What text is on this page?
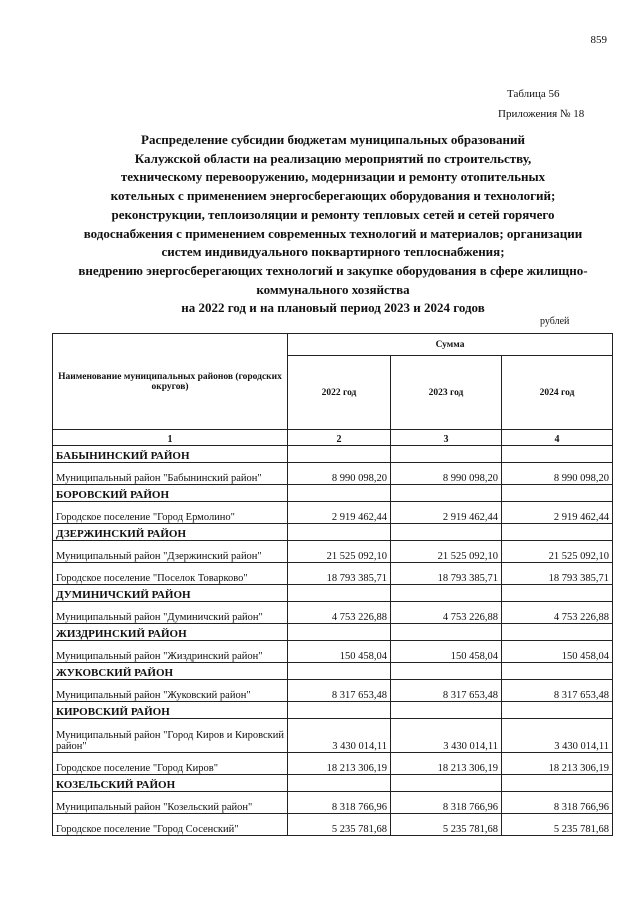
859
Таблица 56
Приложения № 18
Распределение субсидии бюджетам муниципальных образований
Калужской области на реализацию мероприятий по строительству,
техническому перевооружению, модернизации и ремонту отопительных
котельных с применением энергосберегающих оборудования и технологий;
реконструкции, теплоизоляции и ремонту тепловых сетей и сетей горячего
водоснабжения с применением современных технологий и материалов; организации
систем индивидуального поквартирного теплоснабжения;
внедрению энергосберегающих технологий и закупке оборудования в сфере жилищно-
коммунального хозяйства
на 2022 год и на плановый период 2023 и 2024 годов
рублей
Наименование муниципальных районов (городских округов)	Сумма		
	2022 год	2023 год	2024 год
1	2	3	4
БАБЫНИНСКИЙ РАЙОН			
Муниципальный район "Бабынинский район"	8 990 098,20	8 990 098,20	8 990 098,20
БОРОВСКИЙ РАЙОН			
Городское поселение "Город Ермолино"	2 919 462,44	2 919 462,44	2 919 462,44
ДЗЕРЖИНСКИЙ РАЙОН			
Муниципальный район "Дзержинский район"	21 525 092,10	21 525 092,10	21 525 092,10
Городское поселение "Поселок Товарково"	18 793 385,71	18 793 385,71	18 793 385,71
ДУМИНИЧСКИЙ РАЙОН			
Муниципальный район "Думиничский район"	4 753 226,88	4 753 226,88	4 753 226,88
ЖИЗДРИНСКИЙ РАЙОН			
Муниципальный район "Жиздринский район"	150 458,04	150 458,04	150 458,04
ЖУКОВСКИЙ РАЙОН			
Муниципальный район "Жуковский район"	8 317 653,48	8 317 653,48	8 317 653,48
КИРОВСКИЙ РАЙОН			
Муниципальный район "Город Киров и Кировский район"	3 430 014,11	3 430 014,11	3 430 014,11
Городское поселение "Город Киров"	18 213 306,19	18 213 306,19	18 213 306,19
КОЗЕЛЬСКИЙ РАЙОН			
Муниципальный район "Козельский район"	8 318 766,96	8 318 766,96	8 318 766,96
Городское поселение "Город Сосенский"	5 235 781,68	5 235 781,68	5 235 781,68
